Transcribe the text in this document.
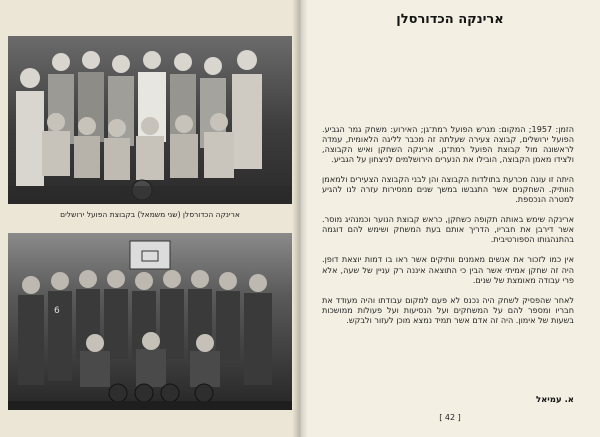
ארינקה הכדורסלן (שני משמאל) בקבוצת הפועל ירושלים
6
ארינקה הכדורסלן

הזמן: 1957; המקום: מגרש הפועל רמת־גן; האירוע: משחק גמר הגביע. הפועל ירושלים, קבוצה צעירה שעלתה זה מכבר לליגה הלאומית, עמדה לראשונה מול קבוצת הפועל רמת־גן. ארינקה השחקן ואיש הקבוצה, ולצידו מאמן הקבוצה, הובילו את הנערים הירושלמים לניצחון על הגביע.

היתה זו עונה מכרעת בתולדות הקבוצה והן לבני הקבוצה הצעירים ולמאמן הוותיק. השחקנים אשר התגבשו במשך שנים ממסירות עזרה לנו להגיע למטרה הנכספת.

ארינקה שימש באותה תקופה כשחקן, כראש קבוצת הנוער וכמנהיג מוסר. אשר דירבן את חבריו, הדריך אותם בעת המשחק ושימש להם דוגמה בהתנהגותו הספורטיבית.

אין כמו לזכור את אנשים מאמנים וותיקים אשר ראו בו דמות יוצאת דופן. היה זה שחקן אמיתי אשר הבין כי התוצאה איננה רק עניין של שעה, אלא פרי עבודה מאומצת של שנים.

לאחר שהפסיק לשחק היה נכנס לא פעם למקום עבודתו והיה מעודד את חבריו ומספר להם על המשחקים ועל הנסיעות ועל פעולות ממושכות בשעות של אימון. היה זה אדם אשר תמיד נמצא מוכן לעזור ולבקש.

א. עמיאל
[ 42 ]
